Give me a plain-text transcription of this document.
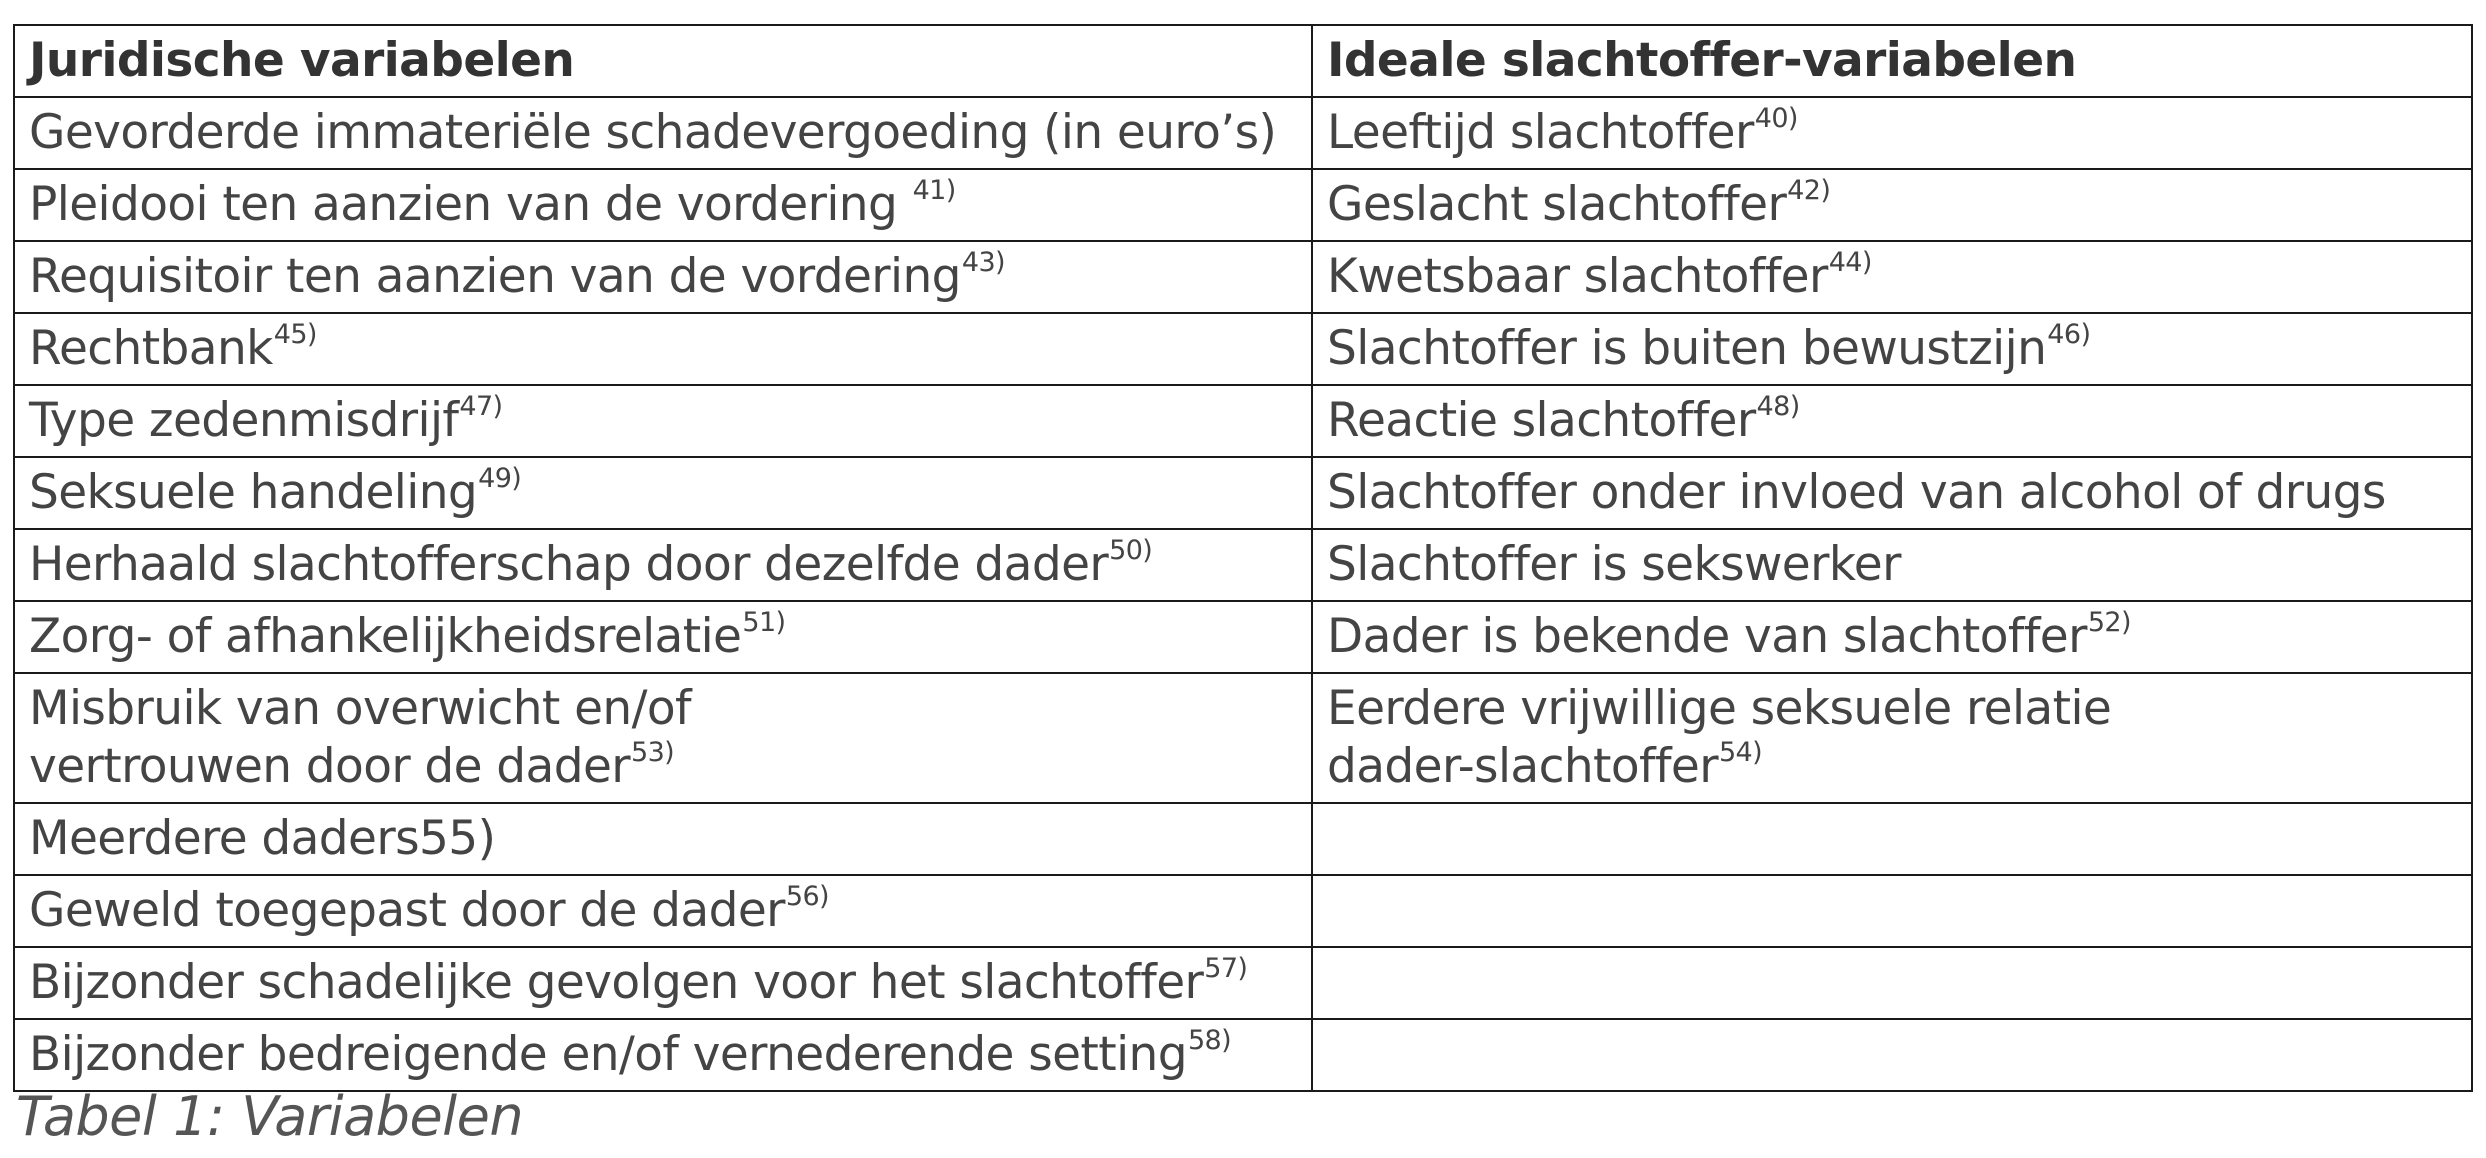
Juridische variabelen	Ideale slachtoffer-variabelen

Gevorderde immateriële schadevergoeding (in euro’s)	Leeftijd slachtoffer$^{40)}$

Pleidooi ten aanzien van de vordering $^{41)}$	Geslacht slachtoffer$^{42)}$

Requisitoir ten aanzien van de vordering$^{43)}$	Kwetsbaar slachtoffer$^{44)}$

Rechtbank$^{45)}$	Slachtoffer is buiten bewustzijn$^{46)}$

Type zedenmisdrijf$^{47)}$	Reactie slachtoffer$^{48)}$

Seksuele handeling$^{49)}$	Slachtoffer onder invloed van alcohol of drugs

Herhaald slachtofferschap door dezelfde dader$^{50)}$	Slachtoffer is sekswerker

Zorg- of afhankelijkheidsrelatie$^{51)}$	Dader is bekende van slachtoffer$^{52)}$

Misbruik van overwicht en/of
vertrouwen door de dader$^{53)}$	Eerdere vrijwillige seksuele relatie
dader-slachtoffer$^{54)}$

Meerdere daders55)	

Geweld toegepast door de dader$^{56)}$

Bijzonder schadelijke gevolgen voor het slachtoffer$^{57)}$

Bijzonder bedreigende en/of vernederende setting$^{58)}$

Tabel 1: Variabelen
